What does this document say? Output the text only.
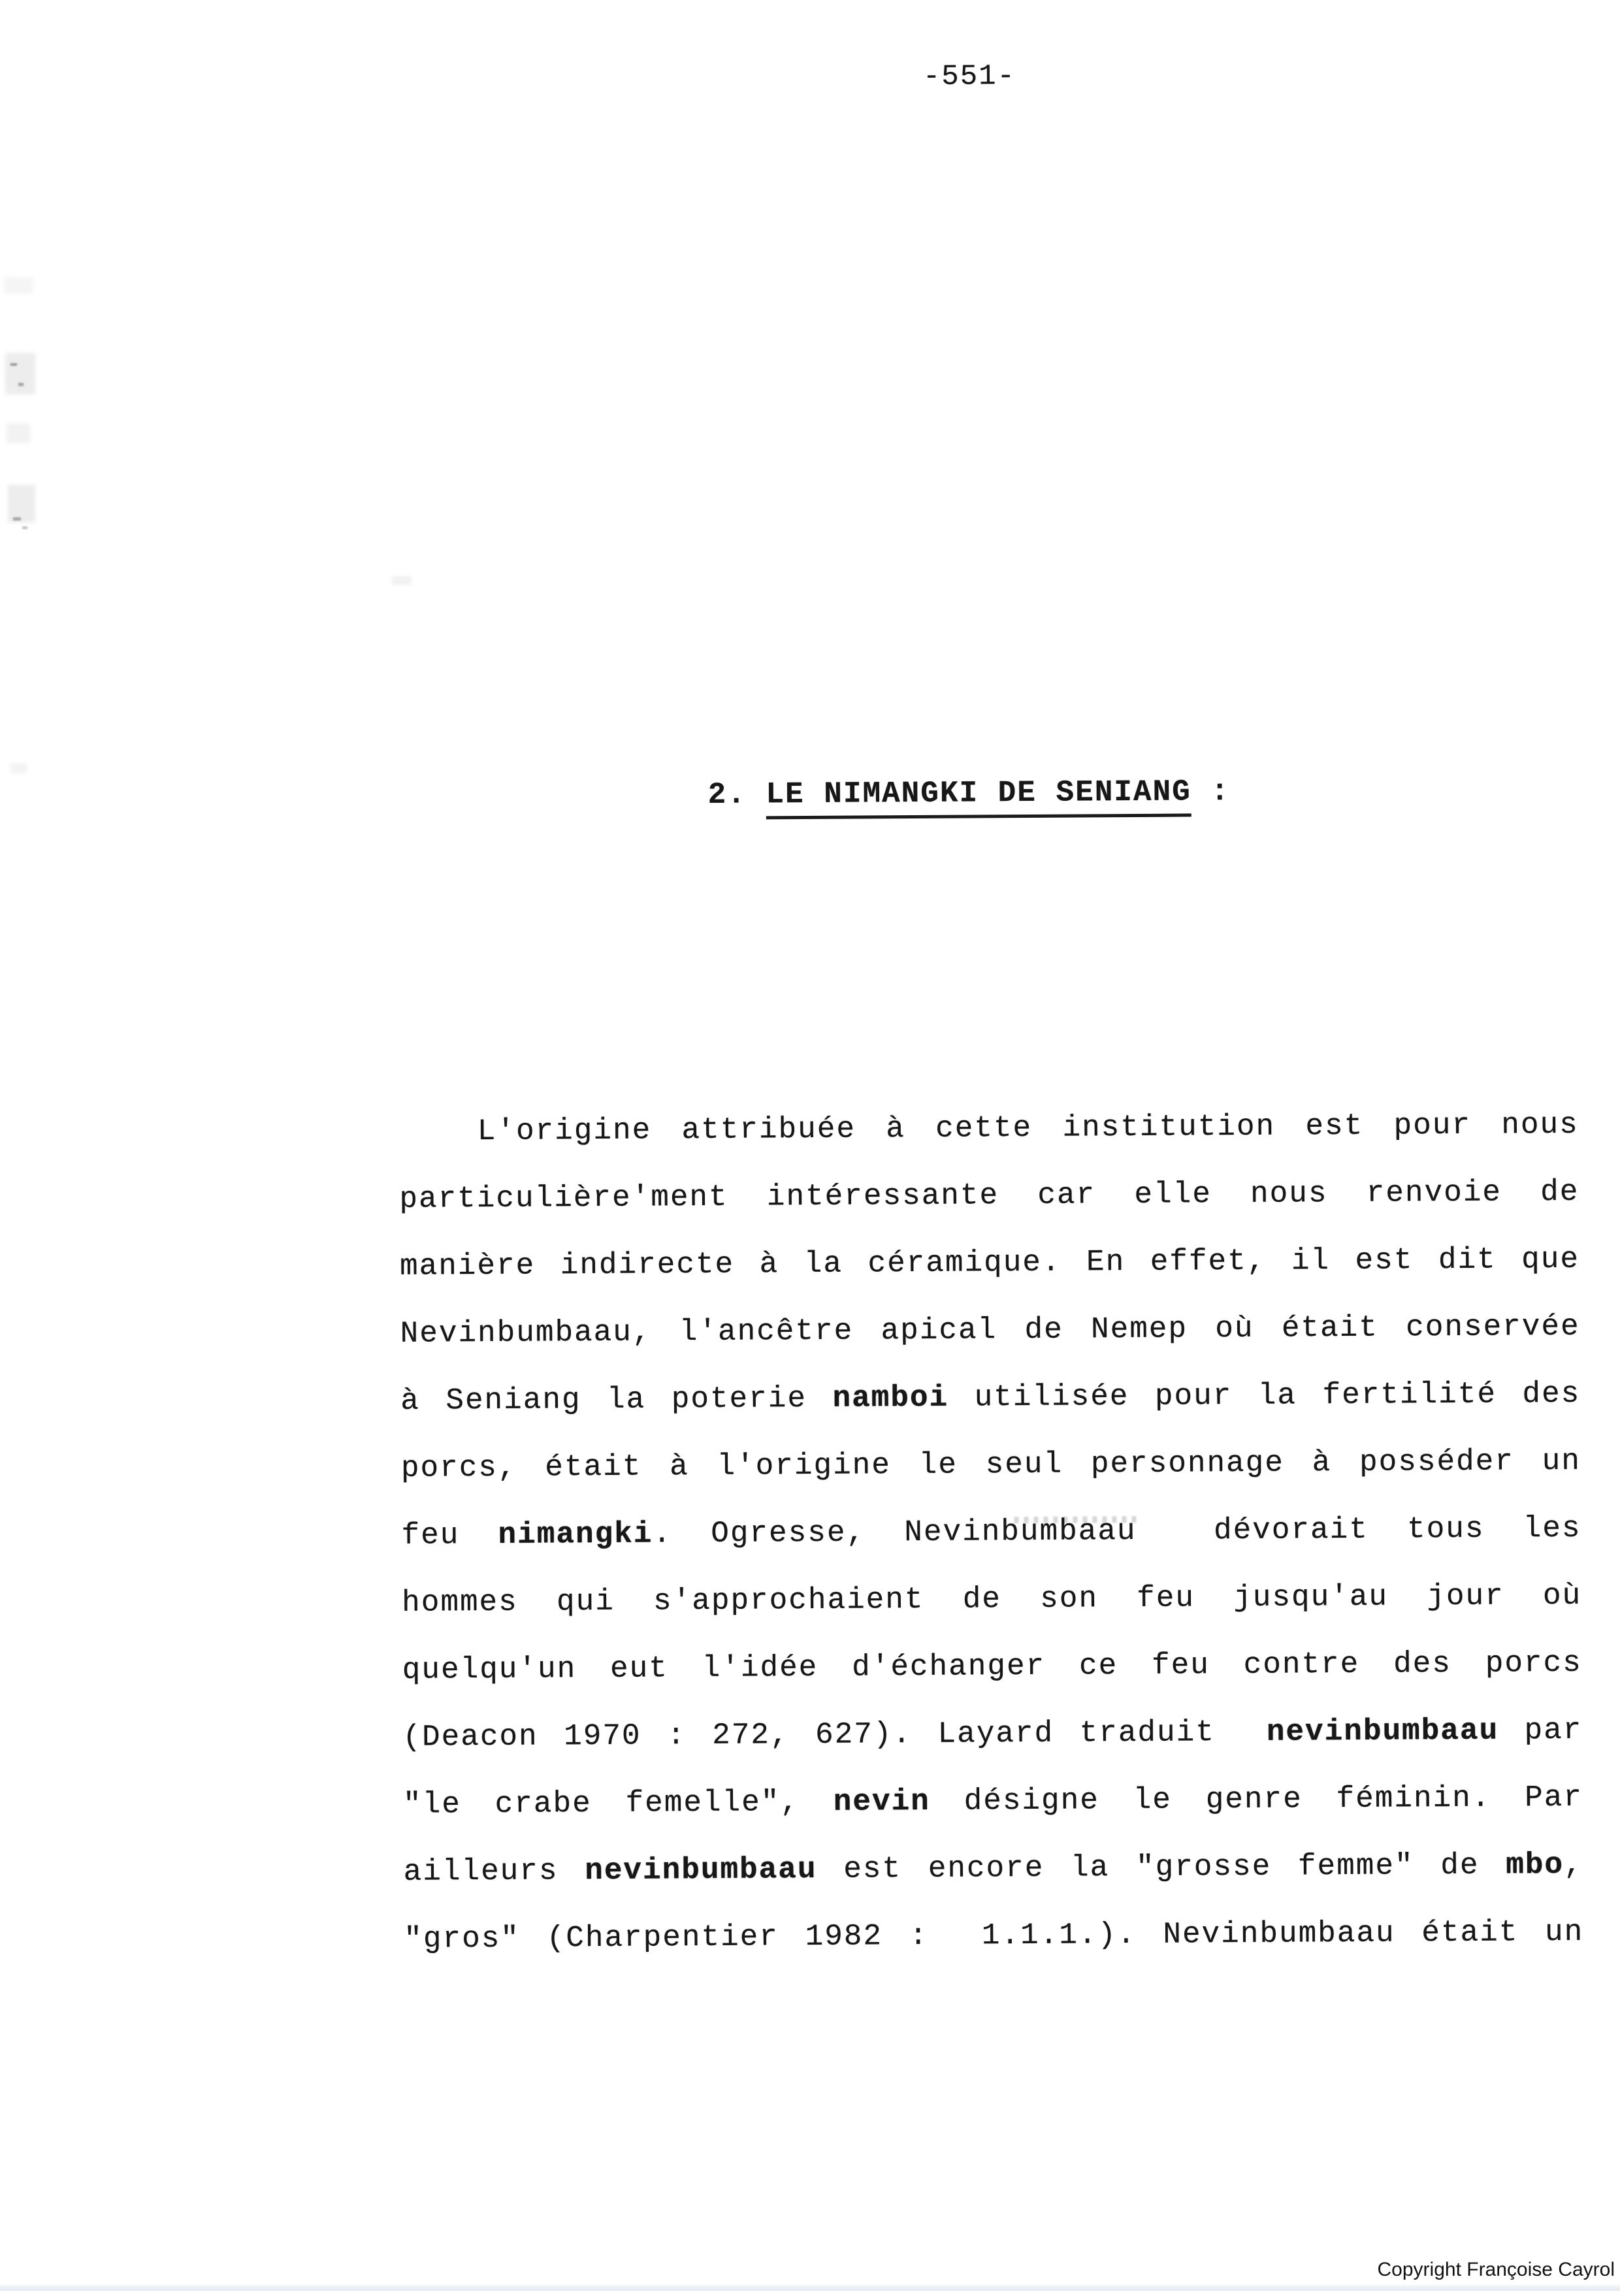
-551-
2. LE NIMANGKI DE SENIANG :
L'origine attribuée à cette institution est pour nous
particulière'ment intéressante car elle nous renvoie de
manière indirecte à la céramique. En effet, il est dit que
Nevinbumbaau, l'ancêtre apical de Nemep où était conservée
à Seniang la poterie namboi utilisée pour la fertilité des
porcs, était à l'origine le seul personnage à posséder un
feu nimangki. Ogresse, Nevinbumbaau  dévorait tous les
hommes qui s'approchaient de son feu jusqu'au jour où
quelqu'un eut l'idée d'échanger ce feu contre des porcs
(Deacon 1970 : 272, 627). Layard traduit  nevinbumbaau par
"le crabe femelle", nevin désigne le genre féminin. Par
ailleurs nevinbumbaau est encore la "grosse femme" de mbo,
"gros" (Charpentier 1982 :  1.1.1.). Nevinbumbaau était un
Copyright Françoise Cayrol
